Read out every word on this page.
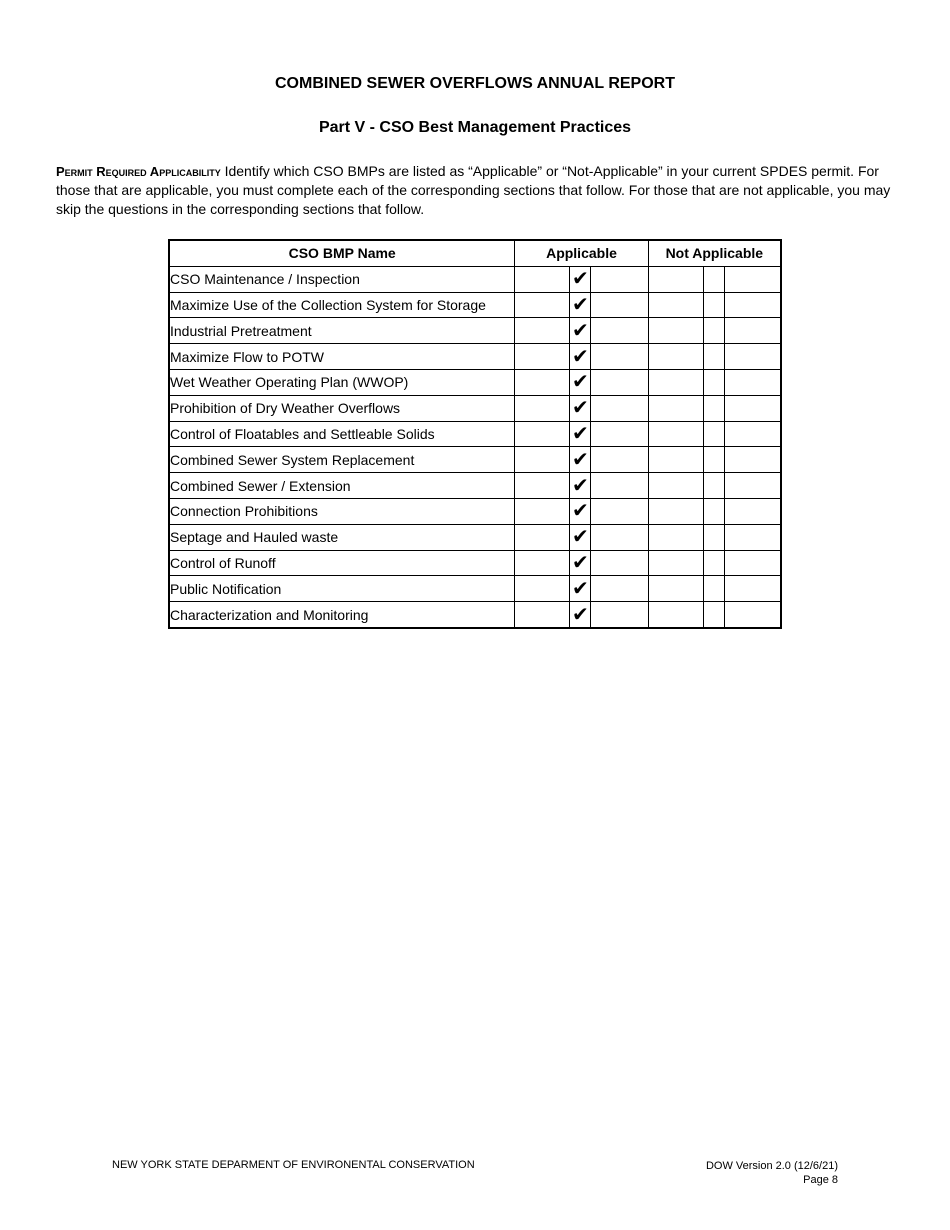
COMBINED SEWER OVERFLOWS ANNUAL REPORT
Part V - CSO Best Management Practices
Permit Required Applicability Identify which CSO BMPs are listed as “Applicable” or “Not-Applicable” in your current SPDES permit. For those that are applicable, you must complete each of the corresponding sections that follow. For those that are not applicable, you may skip the questions in the corresponding sections that follow.
CSO BMP Name	Applicable	Not Applicable
CSO Maintenance / Inspection	✔	

Maximize Use of the Collection System for Storage	✔	

Industrial Pretreatment	✔	

Maximize Flow to POTW	✔	

Wet Weather Operating Plan (WWOP)	✔	

Prohibition of Dry Weather Overflows	✔	

Control of Floatables and Settleable Solids	✔	

Combined Sewer System Replacement	✔	

Combined Sewer / Extension	✔	

Connection Prohibitions	✔	

Septage and Hauled waste	✔	

Control of Runoff	✔	

Public Notification	✔	

Characterization and Monitoring	✔	

NEW YORK STATE DEPARMENT OF ENVIRONENTAL CONSERVATION	DOW Version 2.0 (12/6/21)
Page 8
